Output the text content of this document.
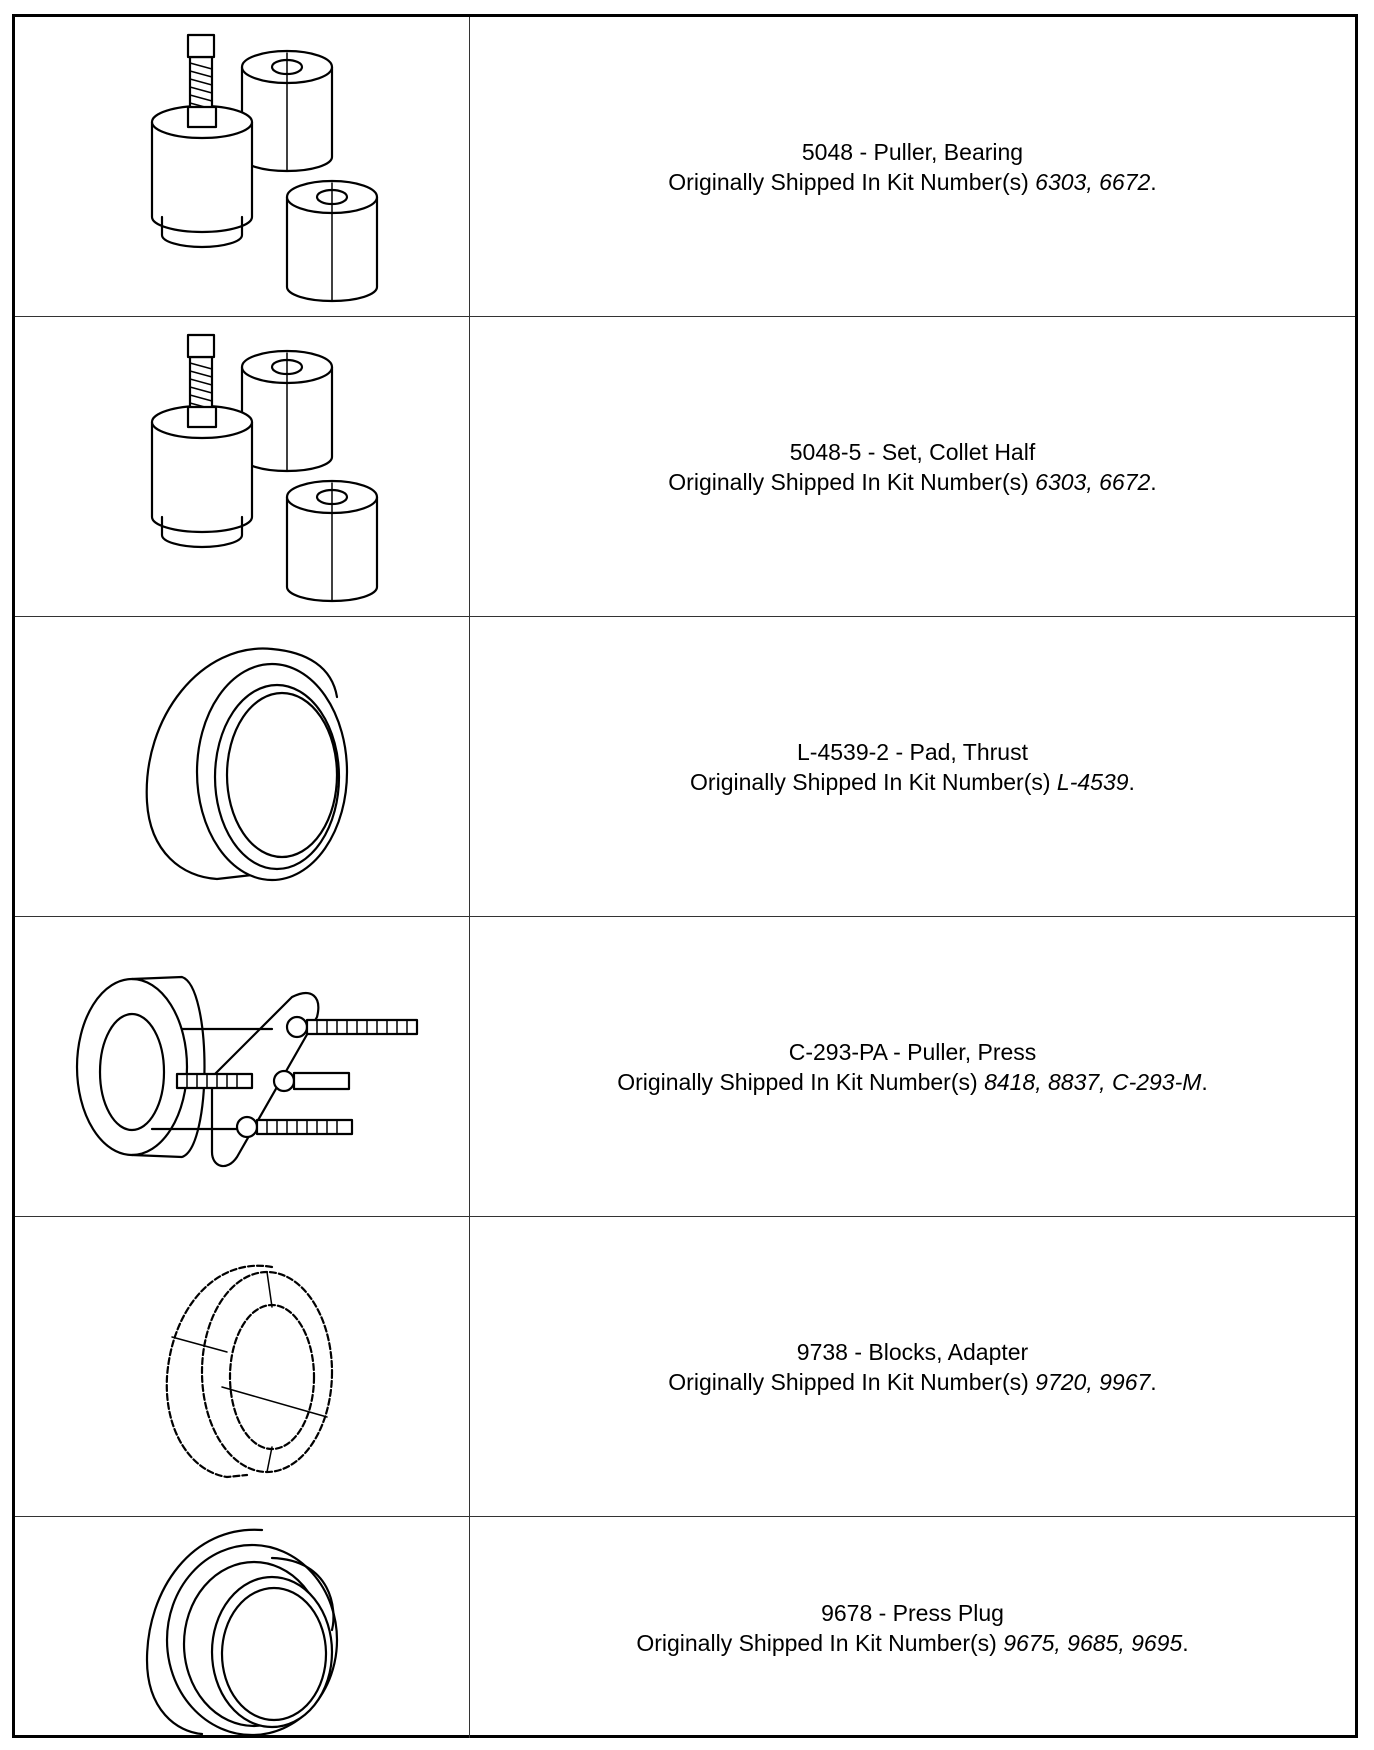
5048 - Puller, Bearing
Originally Shipped In Kit Number(s) 6303, 6672.
5048-5 - Set, Collet Half
Originally Shipped In Kit Number(s) 6303, 6672.
L-4539-2 - Pad, Thrust
Originally Shipped In Kit Number(s) L-4539.
C-293-PA - Puller, Press
Originally Shipped In Kit Number(s) 8418, 8837, C-293-M.
9738 - Blocks, Adapter
Originally Shipped In Kit Number(s) 9720, 9967.
9678 - Press Plug
Originally Shipped In Kit Number(s) 9675, 9685, 9695.
